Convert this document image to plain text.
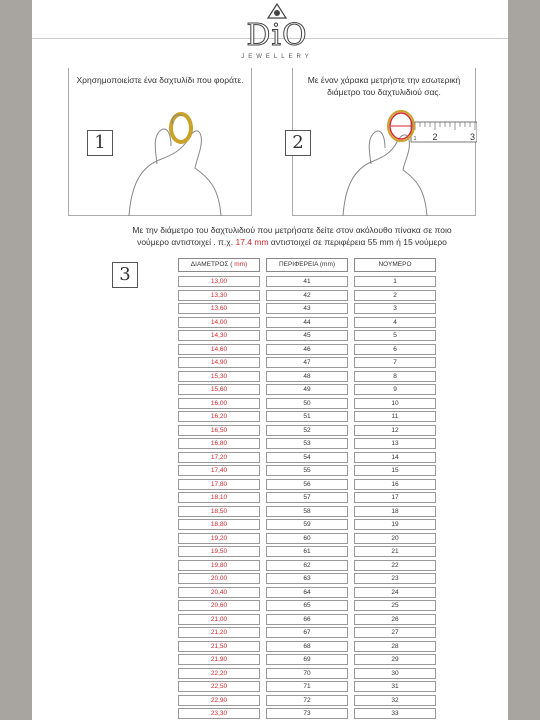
DiO
JEWELLERY
Χρησημοποιείστε ένα δαχτυλίδι που φοράτε.
1
Με έναν χάρακα μετρήστε την εσωτερική διάμετρο του δαχτυλιδιού σας.
2	3
1
2
Με την διάμετρο του δαχτυλιδιού που μετρήσατε δείτε στον ακόλουθο πίνακα σε ποιο
νούμερο αντιστοιχεί . π.χ. 17.4 mm αντιστοιχεί σε περιφέρεια 55 mm ή 15 νούμερο
3	ΔΙΑΜΕΤΡΟΣ ( mm)	ΠΕΡΙΦΕΡΕΙΑ (mm)	ΝΟΥΜΕΡΟ
13,00	41	1
13,30	42	2
13,60	43	3
14,00	44	4
14,30	45	5
14,60	46	6
14,90	47	7
15,30	48	8
15,60	49	9
16,00	50	10
16,20	51	11
16,50	52	12
16,80	53	13
17,20	54	14
17,40	55	15
17,80	56	16
18,10	57	17
18,50	58	18
18,80	59	19
19,20	60	20
19,50	61	21
19,80	62	22
20,00	63	23
20,40	64	24
20,60	65	25
21,00	66	26
21,20	67	27
21,50	68	28
21,90	69	29
22,20	70	30
22,50	71	31
22,90	72	32
23,30	73	33
